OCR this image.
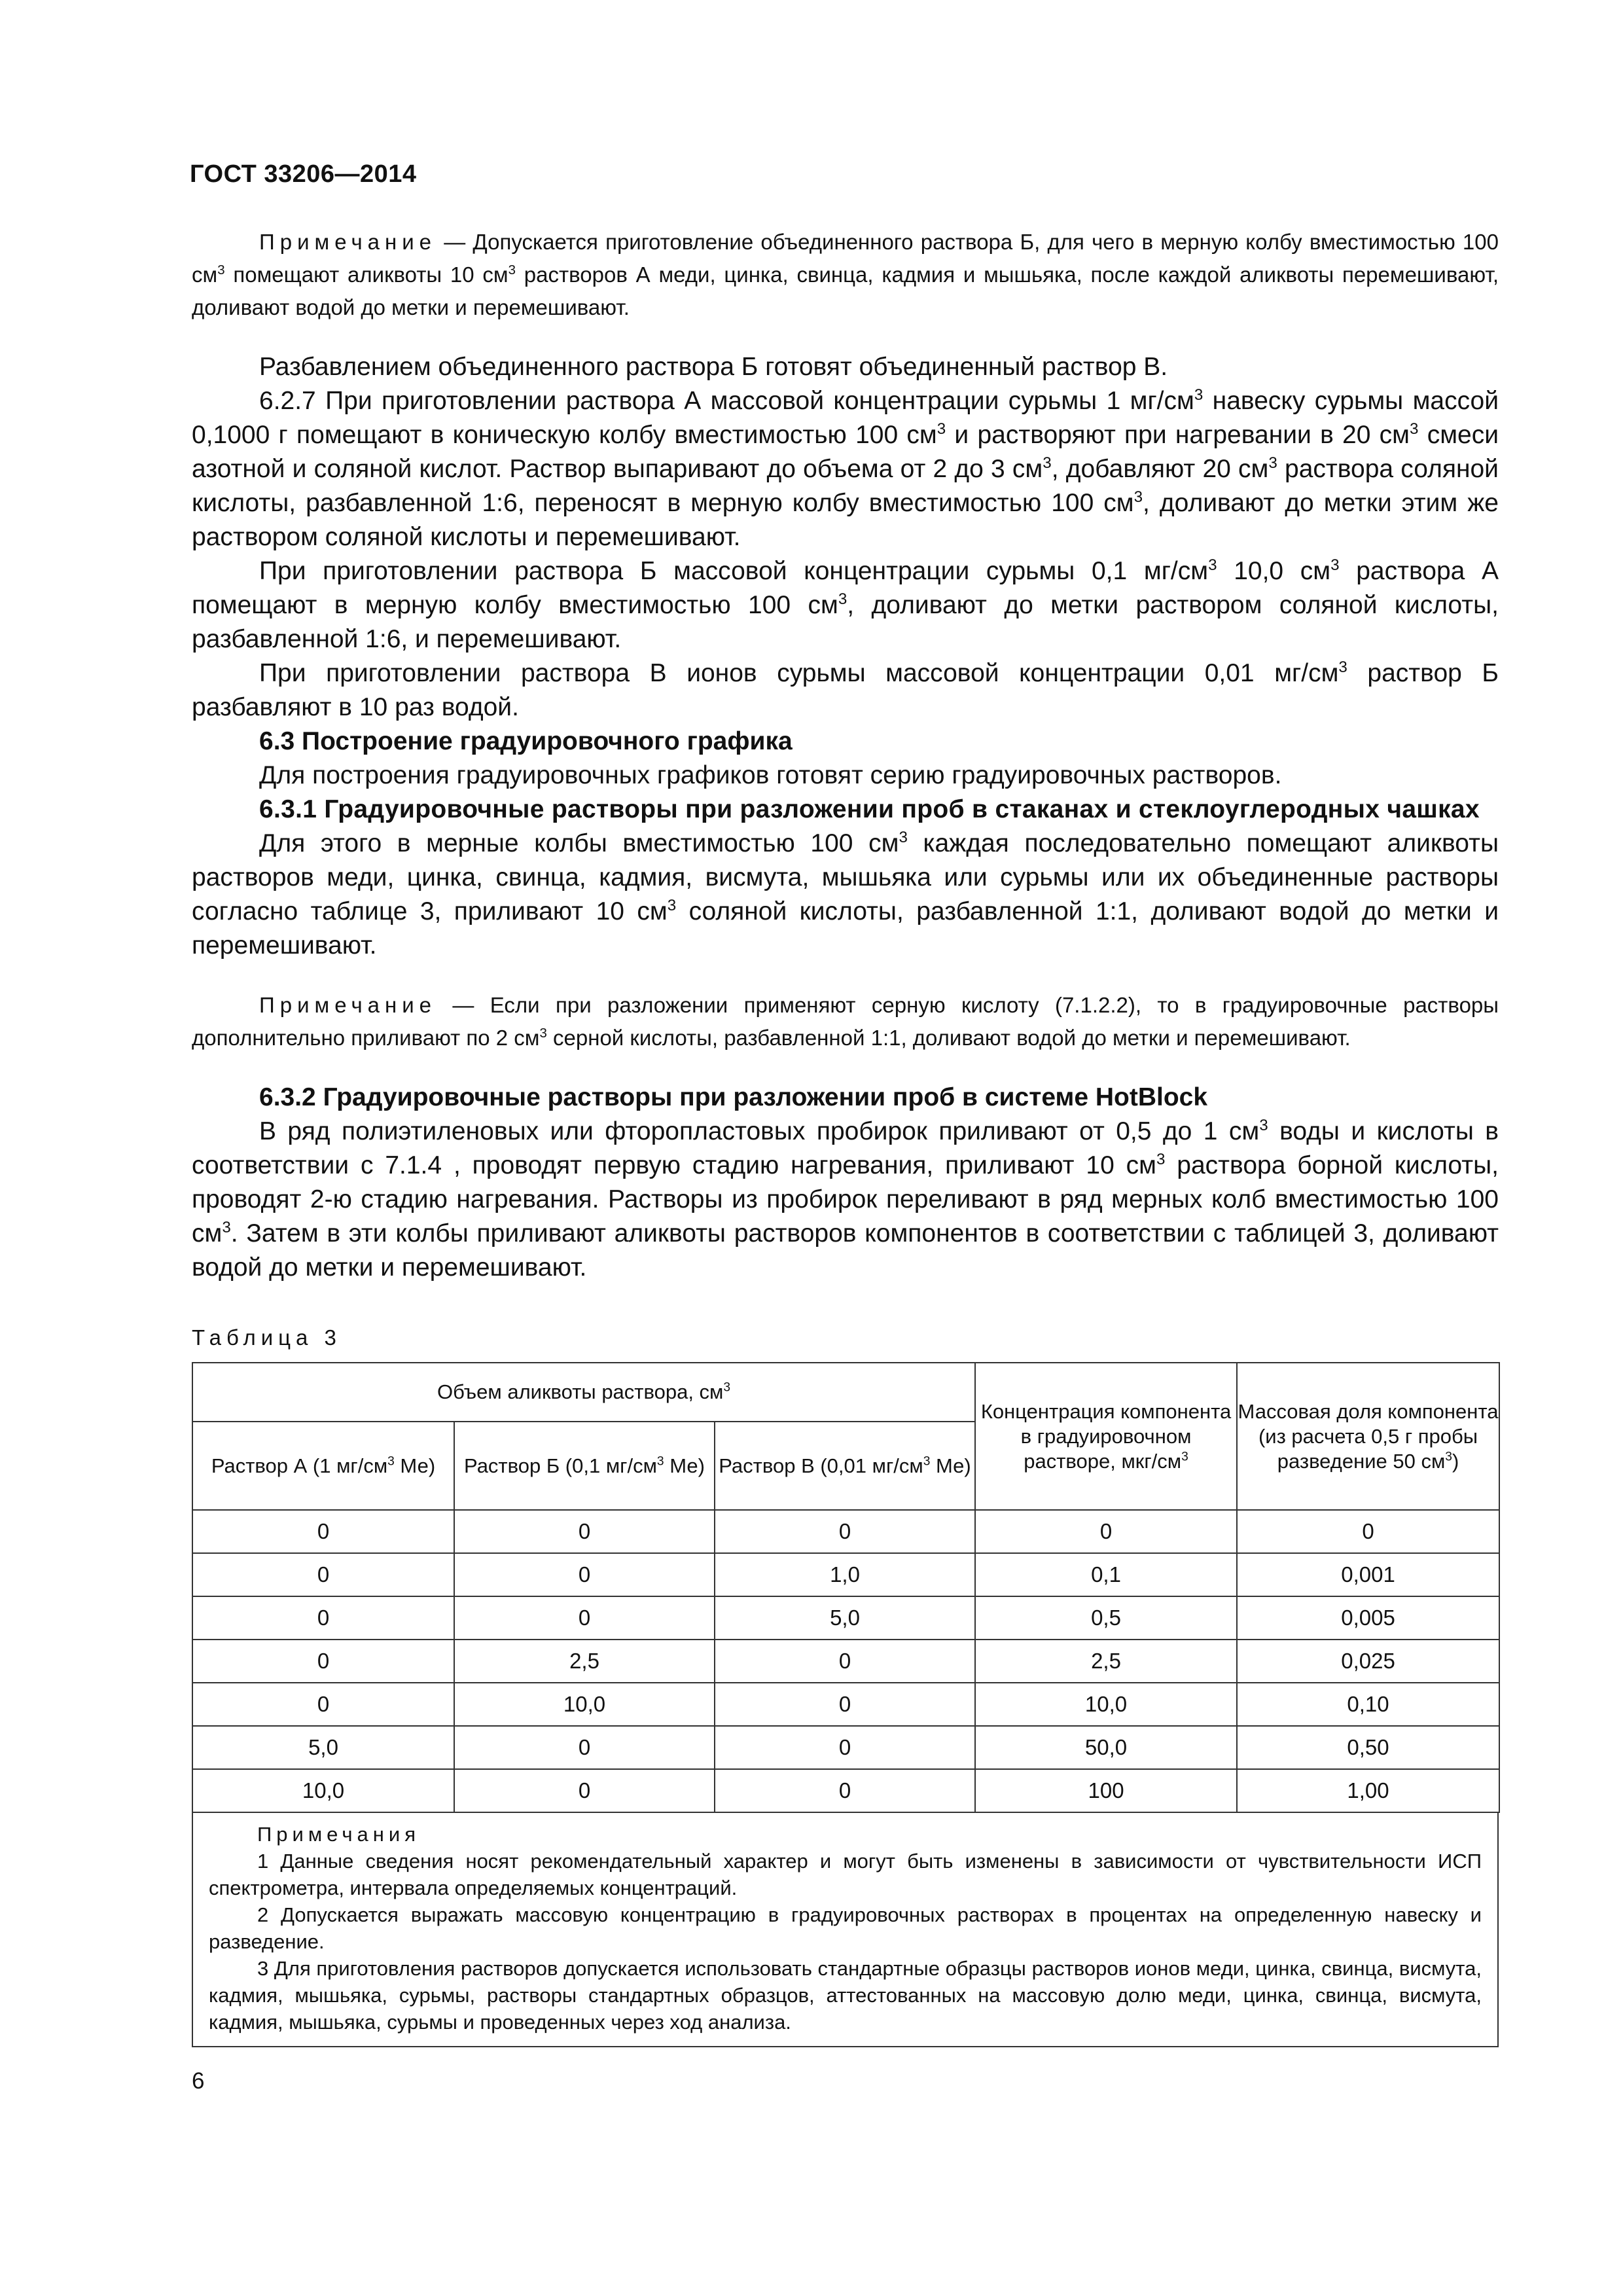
ГОСТ 33206—2014

Примечание — Допускается приготовление объединенного раствора Б, для чего в мерную колбу вместимостью 100 $см^3$ помещают аликвоты 10 $см^3$ растворов А меди, цинка, свинца, кадмия и мышьяка, после каждой аликвоты перемешивают, доливают водой до метки и перемешивают.

Разбавлением объединенного раствора Б готовят объединенный раствор В.

6.2.7 При приготовлении раствора А массовой концентрации сурьмы 1 $мг/см^3$ навеску сурьмы массой 0,1000 г помещают в коническую колбу вместимостью 100 $см^3$ и растворяют при нагревании в 20 $см^3$ смеси азотной и соляной кислот. Раствор выпаривают до объема от 2 до 3 $см^3$, добавляют 20 $см^3$ раствора соляной кислоты, разбавленной 1:6, переносят в мерную колбу вместимостью 100 $см^3$, доливают до метки этим же раствором соляной кислоты и перемешивают.

При приготовлении раствора Б массовой концентрации сурьмы 0,1 $мг/см^3$ 10,0 $см^3$ раствора А помещают в мерную колбу вместимостью 100 $см^3$, доливают до метки раствором соляной кислоты, разбавленной 1:6, и перемешивают.

При приготовлении раствора В ионов сурьмы массовой концентрации 0,01 $мг/см^3$ раствор Б разбавляют в 10 раз водой.

6.3 Построение градуировочного графика

Для построения градуировочных графиков готовят серию градуировочных растворов.

6.3.1 Градуировочные растворы при разложении проб в стаканах и стеклоуглеродных чашках

Для этого в мерные колбы вместимостью 100 $см^3$ каждая последовательно помещают аликвоты растворов меди, цинка, свинца, кадмия, висмута, мышьяка или сурьмы или их объединенные растворы согласно таблице 3, приливают 10 $см^3$ соляной кислоты, разбавленной 1:1, доливают водой до метки и перемешивают.

Примечание — Если при разложении применяют серную кислоту (7.1.2.2), то в градуировочные растворы дополнительно приливают по 2 $см^3$ серной кислоты, разбавленной 1:1, доливают водой до метки и перемешивают.

6.3.2 Градуировочные растворы при разложении проб в системе HotBlock

В ряд полиэтиленовых или фторопластовых пробирок приливают от 0,5 до 1 $см^3$ воды и кислоты в соответствии с 7.1.4 , проводят первую стадию нагревания, приливают 10 $см^3$ раствора борной кислоты, проводят 2-ю стадию нагревания. Растворы из пробирок переливают в ряд мерных колб вместимостью 100 $см^3$. Затем в эти колбы приливают аликвоты растворов компонентов в соответствии с таблицей 3, доливают водой до метки и перемешивают.

Таблица 3
Объем аликвоты раствора, $см^3$			Концентрация компонента в градуировочном растворе, мкг/$см^3$	Массовая доля компонента (из расчета 0,5 г пробы разведение 50 $см^3$)
Раствор А (1 $мг/см^3$ Ме)	Раствор Б (0,1 $мг/см^3$ Ме)	Раствор В (0,01 $мг/см^3$ Ме)		
0	0	0	0	0
0	0	1,0	0,1	0,001
0	0	5,0	0,5	0,005
0	2,5	0	2,5	0,025
0	10,0	0	10,0	0,10
5,0	0	0	50,0	0,50
10,0	0	0	100	1,00

Примечания

1 Данные сведения носят рекомендательный характер и могут быть изменены в зависимости от чувствительности ИСП спектрометра, интервала определяемых концентраций.

2 Допускается выражать массовую концентрацию в градуировочных растворах в процентах на определенную навеску и разведение.

3 Для приготовления растворов допускается использовать стандартные образцы растворов ионов меди, цинка, свинца, висмута, кадмия, мышьяка, сурьмы, растворы стандартных образцов, аттестованных на массовую долю меди, цинка, свинца, висмута, кадмия, мышьяка, сурьмы и проведенных через ход анализа.

6
